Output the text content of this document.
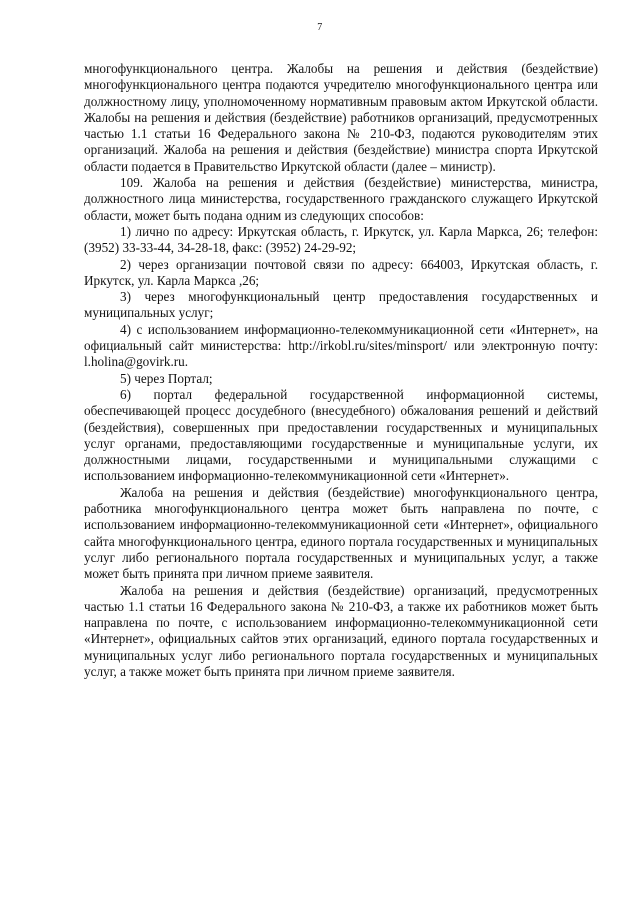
7

многофункционального центра. Жалобы на решения и действия (бездействие) многофункционального центра подаются учредителю многофункционального центра или должностному лицу, уполномоченному нормативным правовым актом Иркутской области. Жалобы на решения и действия (бездействие) работников организаций, предусмотренных частью 1.1 статьи 16 Федерального закона № 210-ФЗ, подаются руководителям этих организаций. Жалоба на решения и действия (бездействие) министра спорта Иркутской области подается в Правительство Иркутской области (далее – министр).

109. Жалоба на решения и действия (бездействие) министерства, министра, должностного лица министерства, государственного гражданского служащего Иркутской области, может быть подана одним из следующих способов:

1) лично по адресу: Иркутская область, г. Иркутск, ул. Карла Маркса, 26; телефон: (3952) 33-33-44, 34-28-18, факс: (3952) 24-29-92;

2) через организации почтовой связи по адресу: 664003, Иркутская область, г. Иркутск, ул. Карла Маркса ,26;

3) через многофункциональный центр предоставления государственных и муниципальных услуг;

4) с использованием информационно-телекоммуникационной сети «Интернет», на официальный сайт министерства: http://irkobl.ru/sites/minsport/ или электронную почту: l.holina@govirk.ru.

5) через Портал;

6) портал федеральной государственной информационной системы, обеспечивающей процесс досудебного (внесудебного) обжалования решений и действий (бездействия), совершенных при предоставлении государственных и муниципальных услуг органами, предоставляющими государственные и муниципальные услуги, их должностными лицами, государственными и муниципальными служащими с использованием информационно-телекоммуникационной сети «Интернет».

Жалоба на решения и действия (бездействие) многофункционального центра, работника многофункционального центра может быть направлена по почте, с использованием информационно-телекоммуникационной сети «Интернет», официального сайта многофункционального центра, единого портала государственных и муниципальных услуг либо регионального портала государственных и муниципальных услуг, а также может быть принята при личном приеме заявителя.

Жалоба на решения и действия (бездействие) организаций, предусмотренных частью 1.1 статьи 16 Федерального закона № 210-ФЗ, а также их работников может быть направлена по почте, с использованием информационно-телекоммуникационной сети «Интернет», официальных сайтов этих организаций, единого портала государственных и муниципальных услуг либо регионального портала государственных и муниципальных услуг, а также может быть принята при личном приеме заявителя.
